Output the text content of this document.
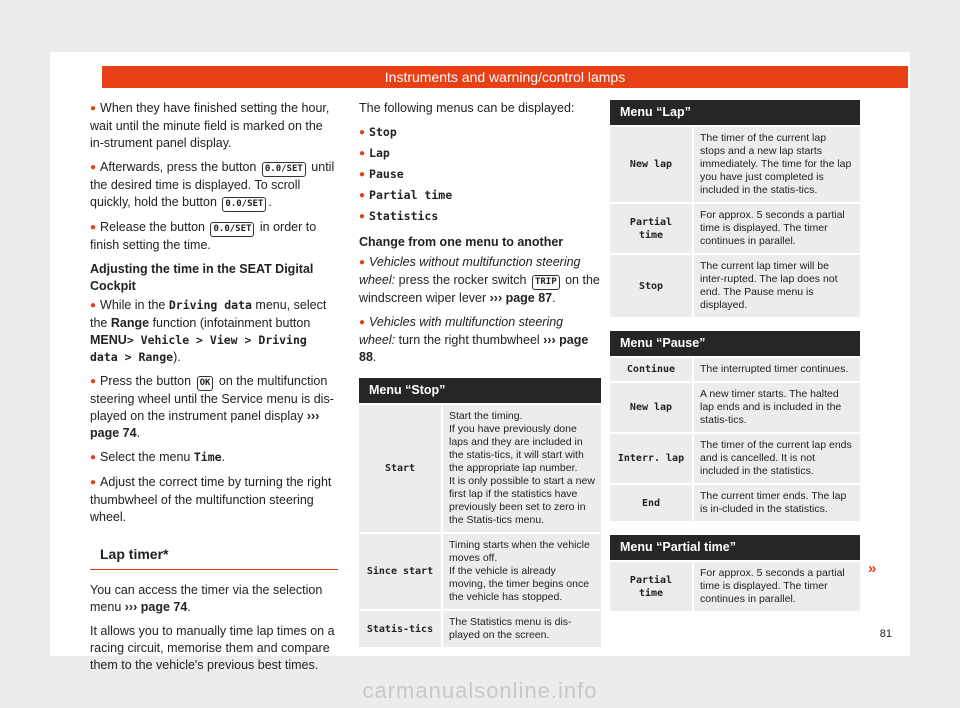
Instruments and warning/control lamps

● When they have finished setting the hour, wait until the minute field is marked on the in-strument panel display.

● Afterwards, press the button 0.0/SET until the desired time is displayed. To scroll quickly, hold the button 0.0/SET .

● Release the button 0.0/SET in order to finish setting the time.

Adjusting the time in the SEAT Digital Cockpit

● While in the Driving data menu, select the Range function (infotainment button MENU> Vehicle > View > Driving data > Range).

● Press the button OK on the multifunction steering wheel until the Service menu is dis-played on the instrument panel display ››› page 74.

● Select the menu Time.

● Adjust the correct time by turning the right thumbwheel of the multifunction steering wheel.

Lap timer*

You can access the timer via the selection menu ››› page 74.

It allows you to manually time lap times on a racing circuit, memorise them and compare them to the vehicle's previous best times.

The following menus can be displayed:

● Stop
● Lap
● Pause
● Partial time
● Statistics

Change from one menu to another

● Vehicles without multifunction steering wheel: press the rocker switch TRIP on the windscreen wiper lever ››› page 87.

● Vehicles with multifunction steering wheel: turn the right thumbwheel ››› page 88.

Menu “Stop”
Start	Start the timing.
If you have previously done laps and they are included in the statis-tics, it will start with the appropriate lap number.
It is only possible to start a new first lap if the statistics have previously been set to zero in the Statis-tics menu.
Since start	Timing starts when the vehicle moves off.
If the vehicle is already moving, the timer begins once the vehicle has stopped.
Statis-tics	The Statistics menu is dis-played on the screen.
Menu “Lap”
New lap	The timer of the current lap stops and a new lap starts immediately. The time for the lap you have just completed is included in the statis-tics.
Partial time	For approx. 5 seconds a partial time is displayed. The timer continues in parallel.
Stop	The current lap timer will be inter-rupted. The lap does not end. The Pause menu is displayed.
Menu “Pause”
Continue	The interrupted timer continues.
New lap	A new timer starts. The halted lap ends and is included in the statis-tics.
Interr. lap	The timer of the current lap ends and is cancelled. It is not included in the statistics.
End	The current timer ends. The lap is in-cluded in the statistics.
Menu “Partial time”
Partial time	For approx. 5 seconds a partial time is displayed. The timer continues in parallel.
»
81
carmanualsonline.info
